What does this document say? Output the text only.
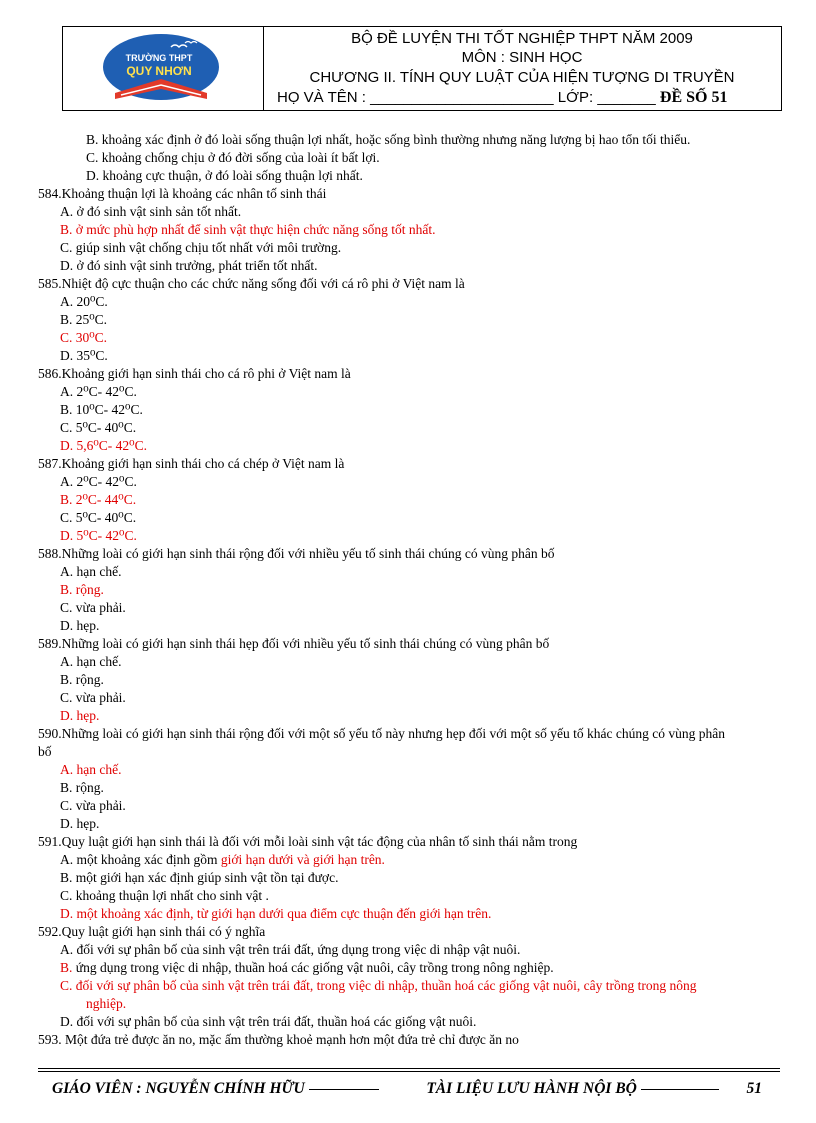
TRƯỜNG THPT
QUY NHƠN
BỘ ĐỀ LUYỆN THI TỐT NGHIỆP THPT NĂM 2009
MÔN : SINH HỌC
CHƯƠNG II. TÍNH QUY LUẬT CỦA HIỆN TƯỢNG DI TRUYỀN
HỌ VÀ TÊN : ______________________ LỚP: _______ ĐỀ SỐ 51
B. khoảng xác định ở đó loài sống thuận lợi nhất, hoặc sống bình thường nhưng năng lượng bị hao tổn tối thiểu.
C. khoảng chống chịu ở đó đời sống của loài ít bất lợi.
D. khoảng cực thuận, ở đó loài sống thuận lợi nhất.
584.Khoảng thuận lợi là khoảng các nhân tố sinh thái
A. ở đó sinh vật sinh sản tốt nhất.
B. ở mức phù hợp nhất để sinh vật thực hiện chức năng sống tốt nhất.
C. giúp sinh vật chống chịu tốt nhất với môi trường.
D. ở đó sinh vật sinh trưởng, phát triển tốt nhất.
585.Nhiệt độ cực thuận cho các chức năng sống đối với cá rô phi ở Việt nam là
A. 20⁰C.
B. 25⁰C.
C. 30⁰C.
D. 35⁰C.
586.Khoảng giới hạn sinh thái cho cá rô phi ở Việt nam là
A. 2⁰C- 42⁰C.
B. 10⁰C- 42⁰C.
C. 5⁰C- 40⁰C.
D. 5,6⁰C- 42⁰C.
587.Khoảng giới hạn sinh thái cho cá chép ở Việt nam là
A. 2⁰C- 42⁰C.
B. 2⁰C- 44⁰C.
C. 5⁰C- 40⁰C.
D. 5⁰C- 42⁰C.
588.Những loài có giới hạn sinh thái rộng đối với nhiều yếu tố sinh thái chúng có vùng phân bố
A. hạn chế.
B. rộng.
C. vừa phải.
D. hẹp.
589.Những loài có giới hạn sinh thái hẹp đối với nhiều yếu tố sinh thái chúng có vùng phân bố
A. hạn chế.
B. rộng.
C. vừa phải.
D. hẹp.
590.Những loài có giới hạn sinh thái rộng đối với một số yếu tố này nhưng hẹp đối với một số yếu tố khác chúng có vùng phân
bố
A. hạn chế.
B. rộng.
C. vừa phải.
D. hẹp.
591.Quy luật giới hạn sinh thái là đối với mỗi loài sinh vật tác động của nhân tố sinh thái nằm trong
A. một khoảng xác định gồm giới hạn dưới và giới hạn trên.
B. một giới hạn xác định giúp sinh vật tồn tại được.
C. khoảng thuận lợi nhất cho sinh vật .
D. một khoảng xác định, từ giới hạn dưới qua điểm cực thuận đến giới hạn trên.
592.Quy luật giới hạn sinh thái có ý nghĩa
A. đối với sự phân bố của sinh vật trên trái đất, ứng dụng trong việc di nhập vật nuôi.
B. ứng dụng trong việc di nhập, thuần hoá các giống vật nuôi, cây trồng trong nông nghiệp.
C. đối với sự phân bố của sinh vật trên trái đất, trong việc di nhập, thuần hoá các giống vật nuôi, cây trồng trong nông
nghiệp.
D. đối với sự phân bố của sinh vật trên trái đất, thuần hoá các giống vật nuôi.
593. Một đứa trẻ được ăn no, mặc ấm thường khoẻ mạnh hơn một đứa trẻ chỉ được ăn no
GIÁO VIÊN : NGUYỄN CHÍNH HỮU	TÀI LIỆU LƯU HÀNH NỘI BỘ	51
